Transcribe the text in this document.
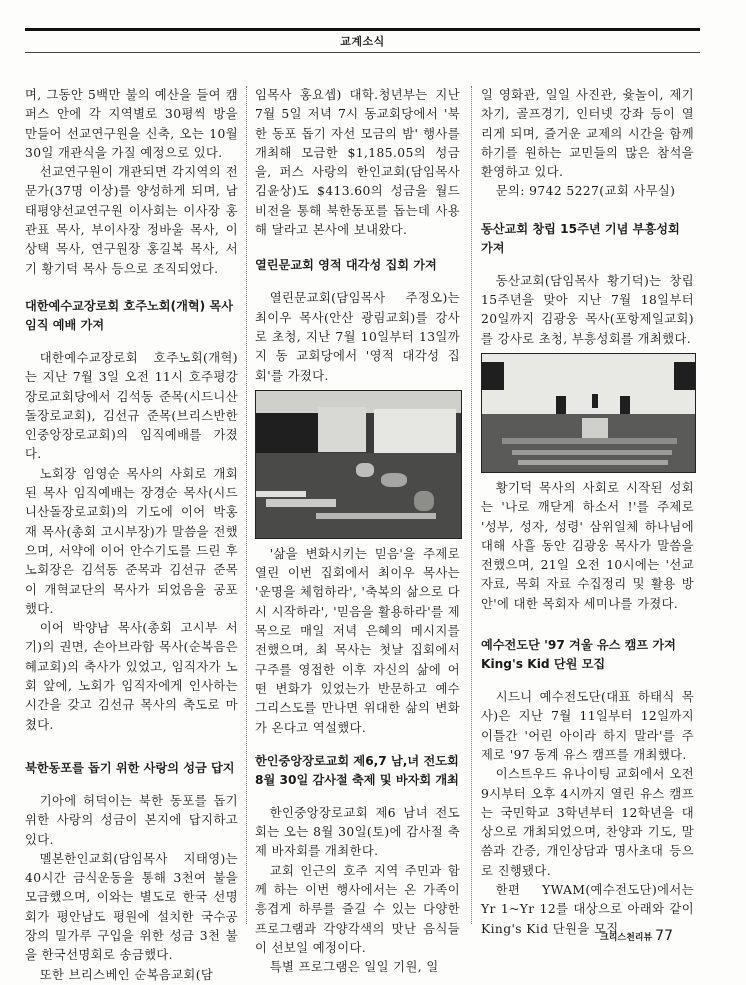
교계소식

며, 그동안 5백만 불의 예산을 들여 캠퍼스 안에 각 지역별로 30평씩 방을 만들어 선교연구원을 신축, 오는 10월 30일 개관식을 가질 예정으로 있다.

선교연구원이 개관되면 각지역의 전문가(37명 이상)를 양성하게 되며, 남태평양선교연구원 이사회는 이사장 홍관표 목사, 부이사장 정바울 목사, 이상택 목사, 연구원장 홍길복 목사, 서기 황기덕 목사 등으로 조직되었다.

대한예수교장로회 호주노회(개혁) 목사 임직 예배 가져

대한예수교장로회 호주노회(개혁)는 지난 7월 3일 오전 11시 호주평강장로교회당에서 김석동 준목(시드니산돌장로교회), 김선규 준목(브리스반한인중앙장로교회)의 임직예배를 가졌다.

노회장 임영순 목사의 사회로 개회된 목사 임직예배는 장경순 목사(시드니산돌장로교회)의 기도에 이어 박홍재 목사(총회 고시부장)가 말씀을 전했으며, 서약에 이어 안수기도를 드린 후 노회장은 김석동 준목과 김선규 준목이 개혁교단의 목사가 되었음을 공포했다.

이어 박양남 목사(총회 고시부 서기)의 권면, 손아브라함 목사(순복음은혜교회)의 축사가 있었고, 임직자가 노회 앞에, 노회가 임직자에게 인사하는 시간을 갖고 김선규 목사의 축도로 마쳤다.

북한동포를 돕기 위한 사랑의 성금 답지

기아에 허덕이는 북한 동포를 돕기 위한 사랑의 성금이 본지에 답지하고 있다.

멜본한인교회(담임목사 지태영)는 40시간 금식운동을 통해 3천여 불을 모금했으며, 이와는 별도로 한국 선명회가 평안남도 평원에 설치한 국수공장의 밀가루 구입을 위한 성금 3천 불을 한국선명회로 송금했다.

또한 브리스베인 순복음교회(담

임목사 홍요셉) 대학.청년부는 지난 7월 5일 저녁 7시 동교회당에서 '북한 동포 돕기 자선 모금의 밤' 행사를 개최해 모금한 $1,185.05의 성금을, 퍼스 사랑의 한인교회(담임목사 김윤상)도 $413.60의 성금을 월드비전을 통해 북한동포를 돕는데 사용해 달라고 본사에 보내왔다.

열린문교회 영적 대각성 집회 가져

열린문교회(담임목사 주정오)는 최이우 목사(안산 광림교회)를 강사로 초청, 지난 7월 10일부터 13일까지 동 교회당에서 '영적 대각성 집회'를 가졌다.

'삶을 변화시키는 믿음'을 주제로 열린 이번 집회에서 최이우 목사는 '운명을 체험하라', '축복의 삶으로 다시 시작하라', '믿음을 활용하라'를 제목으로 매일 저녁 은혜의 메시지를 전했으며, 최 목사는 첫날 집회에서 구주를 영접한 이후 자신의 삶에 어떤 변화가 있었는가 반문하고 예수 그리스도를 만나면 위대한 삶의 변화가 온다고 역설했다.

한인중앙장로교회 제6,7 남,녀 전도회 8월 30일 감사절 축제 및 바자회 개최

한인중앙장로교회 제6 남녀 전도회는 오는 8월 30일(토)에 감사절 축제 바자회를 개최한다.

교회 인근의 호주 지역 주민과 함께 하는 이번 행사에서는 온 가족이 흥겹게 하루를 즐길 수 있는 다양한 프로그램과 각양각색의 맛난 음식들이 선보일 예정이다.

특별 프로그램은 일일 기원, 일

일 영화관, 일일 사진관, 윷놀이, 제기차기, 골프경기, 인터넷 강좌 등이 열리게 되며, 즐거운 교제의 시간을 함께 하기를 원하는 교민들의 많은 참석을 환영하고 있다.

문의: 9742 5227(교회 사무실)

동산교회 창립 15주년 기념 부흥성회 가져

동산교회(담임목사 황기덕)는 창립 15주년을 맞아 지난 7월 18일부터 20일까지 김광웅 목사(포항제일교회)를 강사로 초청, 부흥성회를 개최했다.

황기덕 목사의 사회로 시작된 성회는 '나로 깨닫게 하소서 !'를 주제로 '성부, 성자, 성령' 삼위일체 하나님에 대해 사흘 동안 김광웅 목사가 말씀을 전했으며, 21일 오전 10시에는 '선교 자료, 목회 자료 수집정리 및 활용 방안'에 대한 목회자 세미나를 가졌다.

예수전도단 '97 겨울 유스 캠프 가져 King's Kid 단원 모집

시드니 예수전도단(대표 하태식 목사)은 지난 7월 11일부터 12일까지 이틀간 '어린 아이라 하지 말라'를 주제로 '97 동계 유스 캠프를 개최했다.

이스트우드 유나이팅 교회에서 오전 9시부터 오후 4시까지 열린 유스 캠프는 국민학교 3학년부터 12학년을 대상으로 개최되었으며, 찬양과 기도, 말씀과 간증, 개인상담과 명사초대 등으로 진행됐다.

한편 YWAM(예수전도단)에서는 Yr 1~Yr 12를 대상으로 아래와 같이 King's Kid 단원을 모집

크리스천리뷰 77
